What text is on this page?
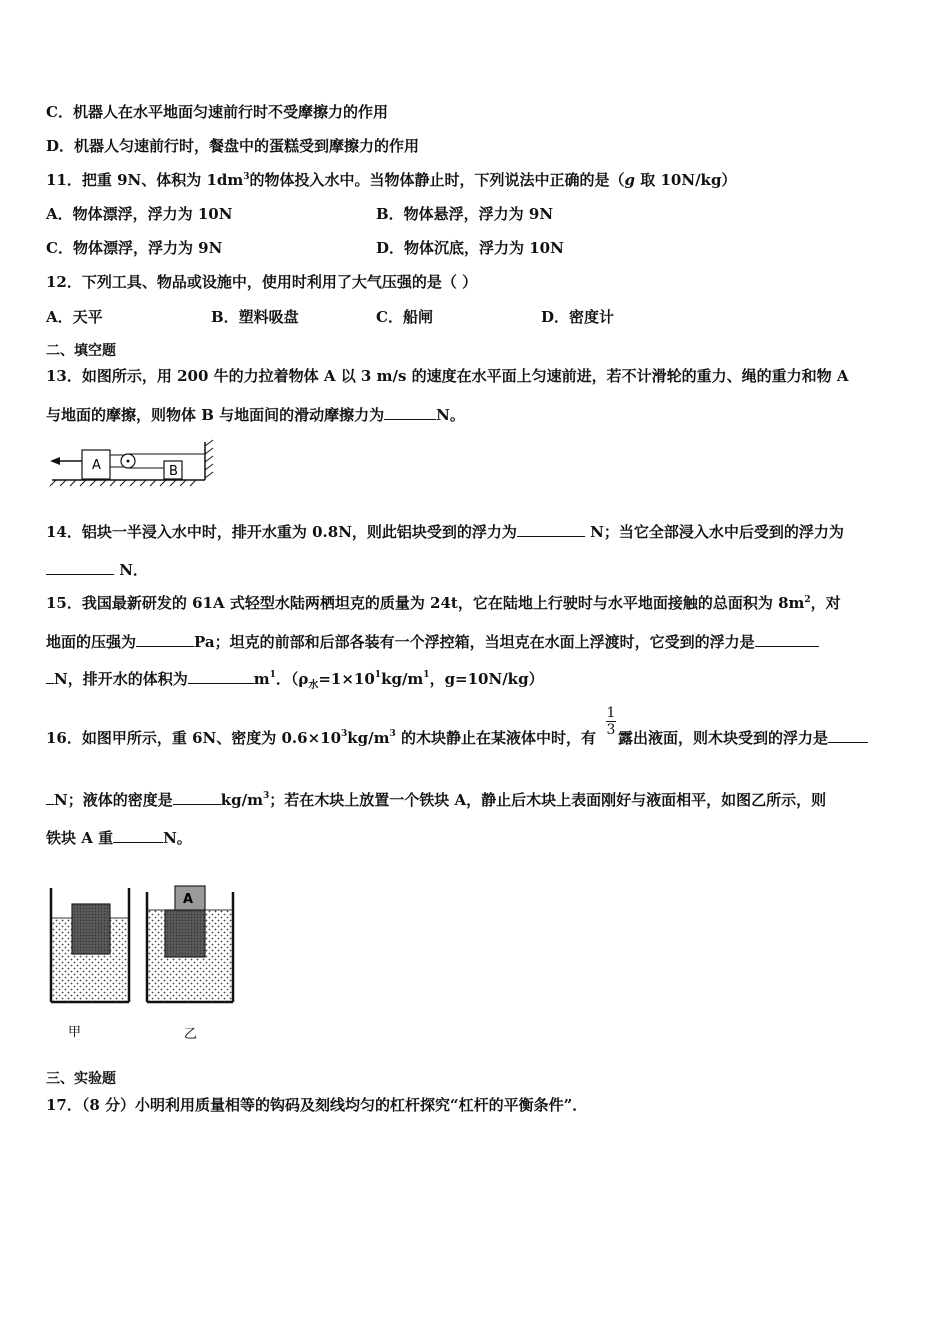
C．机器人在水平地面匀速前行时不受摩擦力的作用
D．机器人匀速前行时，餐盘中的蛋糕受到摩擦力的作用
11．把重 9N、体积为 $1dm^3$的物体投入水中。当物体静止时，下列说法中正确的是（g 取 10N/kg）
A．物体漂浮，浮力为 10N	B．物体悬浮，浮力为 9N
C．物体漂浮，浮力为 9N	D．物体沉底，浮力为 10N
12．下列工具、物品或设施中，使用时利用了大气压强的是（ ）
A．天平	B．塑料吸盘	C．船闸	D．密度计
二、填空题
13．如图所示，用 200 牛的力拉着物体 A 以 3 m/s 的速度在水平面上匀速前进，若不计滑轮的重力、绳的重力和物 A
与地面的摩擦，则物体 B 与地面间的滑动摩擦力为	N。
A	B
14．铝块一半浸入水中时，排开水重为 0.8N，则此铝块受到的浮力为	N；当它全部浸入水中后受到的浮力为
N．
15．我国最新研发的 61A 式轻型水陆两栖坦克的质量为 24t，它在陆地上行驶时与水平地面接触的总面积为 $8m^2$，对
地面的压强为	Pa；坦克的前部和后部各装有一个浮控箱，当坦克在水面上浮渡时，它受到的浮力是
N，排开水的体积为	$m^1$．（$\rho_水=1\times 10^1kg/m^1$，g=10N/kg）
16．如图甲所示，重 6N、密度为 $0.6\times 10^3kg/m^3$ 的木块静止在某液体中时，有 露出液面，则木块受到的浮力是
1
3
N；液体的密度是	$kg/m^3$；若在木块上放置一个铁块 A，静止后木块上表面刚好与液面相平，如图乙所示，则
铁块 A 重	N。
A
甲	乙
三、实验题
17．（8 分）小明利用质量相等的钩码及刻线均匀的杠杆探究“杠杆的平衡条件”．
